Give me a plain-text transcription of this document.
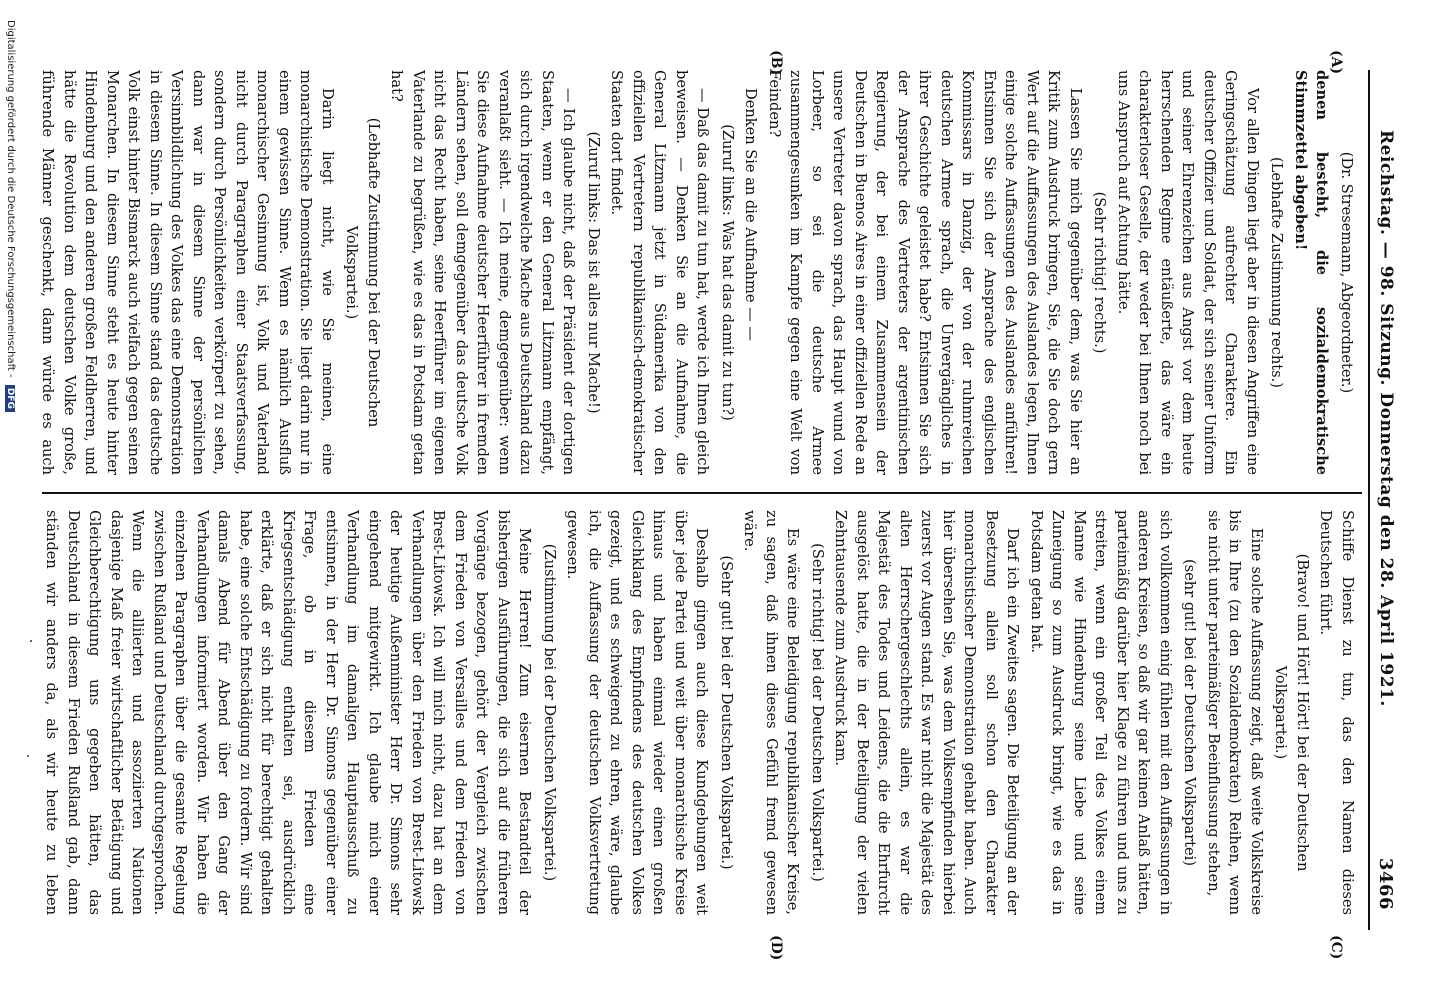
Reichstag. — 98. Sitzung. Donnerstag den 28. April 1921.
3466
(A)
(B)
(C)
(D)

(Dr. Stresemann, Abgeordneter.)

denen besteht, die sozialdemokratische Stimmzettel abgeben!

(Lebhafte Zustimmung rechts.)

Vor allen Dingen liegt aber in diesen Angriffen eine Geringschätzung aufrechter Charaktere. Ein deutscher Offizier und Soldat, der sich seiner Uniform und seiner Ehrenzeichen aus Angst vor dem heute herrschenden Regime entäußerte, das wäre ein charakterloser Geselle, der weder bei Ihnen noch bei uns Anspruch auf Achtung hätte.

(Sehr richtig! rechts.)

Lassen Sie mich gegenüber dem, was Sie hier an Kritik zum Ausdruck bringen, Sie, die Sie doch gern Wert auf die Auffassungen des Auslandes legen, Ihnen einige solche Auffassungen des Auslandes anführen! Entsinnen Sie sich der Ansprache des englischen Kommissars in Danzig, der von der ruhmreichen deutschen Armee sprach, die Unvergängliches in ihrer Geschichte geleistet habe? Entsinnen Sie sich der Ansprache des Vertreters der argentinischen Regierung, der bei einem Zusammensein der Deutschen in Buenos Aires in einer offiziellen Rede an unsere Vertreter davon sprach, das Haupt wund von Lorbeer, so sei die deutsche Armee zusammengesunken im Kampfe gegen eine Welt von Feinden?

Denken Sie an die Aufnahme — —

(Zuruf links: Was hat das damit zu tun?)

— Daß das damit zu tun hat, werde ich Ihnen gleich beweisen. — Denken Sie an die Aufnahme, die General Litzmann jetzt in Südamerika von den offiziellen Vertretern republikanisch-demokratischer Staaten dort findet.

(Zuruf links: Das ist alles nur Mache!)

— Ich glaube nicht, daß der Präsident der dortigen Staaten, wenn er den General Litzmann empfängt, sich durch irgendwelche Mache aus Deutschland dazu veranlaßt sieht. — Ich meine, demgegenüber: wenn Sie diese Aufnahme deutscher Heerführer in fremden Ländern sehen, soll demgegenüber das deutsche Volk nicht das Recht haben, seine Heerführer im eigenen Vaterlande zu begrüßen, wie es das in Potsdam getan hat?

(Lebhafte Zustimmung bei der Deutschen Volkspartei.)

Darin liegt nicht, wie Sie meinen, eine monarchistische Demonstration. Sie liegt darin nur in einem gewissen Sinne. Wenn es nämlich Ausfluß monarchischer Gesinnung ist, Volk und Vaterland nicht durch Paragraphen einer Staatsverfassung, sondern durch Persönlichkeiten verkörpert zu sehen, dann war in diesem Sinne der persönlichen Versinnbildlichung des Volkes das eine Demonstration in diesem Sinne. In diesem Sinne stand das deutsche Volk einst hinter Bismarck auch vielfach gegen seinen Monarchen. In diesem Sinne steht es heute hinter Hindenburg und den anderen großen Feldherren, und hätte die Revolution dem deutschen Volke große, führende Männer geschenkt, dann würde es auch

Schiffe Dienst zu tun, das den Namen dieses Deutschen führt.

(Bravo! und Hört! Hört! bei der Deutschen Volkspartei.)

Eine solche Auffassung zeigt, daß weite Volkskreise bis in Ihre (zu den Sozialdemokraten) Reihen, wenn sie nicht unter parteimäßiger Beeinflussung stehen,

(sehr gut! bei der Deutschen Volkspartei)

sich vollkommen einig fühlen mit den Auffassungen in anderen Kreisen, so daß wir gar keinen Anlaß hätten, parteimäßig darüber hier Klage zu führen und uns zu streiten, wenn ein großer Teil des Volkes einem Manne wie Hindenburg seine Liebe und seine Zuneigung so zum Ausdruck bringt, wie es das in Potsdam getan hat.

Darf ich ein Zweites sagen. Die Beteiligung an der Besetzung allein soll schon den Charakter monarchistischer Demonstration gehabt haben. Auch hier übersehen Sie, was dem Volksempfinden hierbei zuerst vor Augen stand. Es war nicht die Majestät des alten Herrschergeschlechts allein, es war die Majestät des Todes und Leidens, die die Ehrfurcht ausgelöst hatte, die in der Beteiligung der vielen Zehntausende zum Ausdruck kam.

(Sehr richtig! bei der Deutschen Volkspartei.)

Es wäre eine Beleidigung republikanischer Kreise, zu sagen, daß ihnen dieses Gefühl fremd gewesen wäre.

(Sehr gut! bei der Deutschen Volkspartei.)

Deshalb gingen auch diese Kundgebungen weit über jede Partei und weit über monarchische Kreise hinaus und haben einmal wieder einen großen Gleichklang des Empfindens des deutschen Volkes gezeigt, und es schweigend zu ehren, wäre, glaube ich, die Auffassung der deutschen Volksvertretung gewesen.

(Zustimmung bei der Deutschen Volkspartei.)

Meine Herren! Zum eisernen Bestandteil der bisherigen Ausführungen, die sich auf die früheren Vorgänge bezogen, gehört der Vergleich zwischen dem Frieden von Versailles und dem Frieden von Brest-Litowsk. Ich will mich nicht, dazu hat an dem Verhandlungen über den Frieden von Brest-Litowsk der heutige Außenminister Herr Dr. Simons sehr eingehend mitgewirkt. Ich glaube mich einer Verhandlung im damaligen Hauptausschuß zu entsinnen, in der Herr Dr. Simons gegenüber einer Frage, ob in diesem Frieden eine Kriegsentschädigung enthalten sei, ausdrücklich erklärte, daß er sich nicht für berechtigt gehalten habe, eine solche Entschädigung zu fordern. Wir sind damals Abend für Abend über den Gang der Verhandlungen informiert worden. Wir haben die einzelnen Paragraphen über die gesamte Regelung zwischen Rußland und Deutschland durchgesprochen. Wenn die alliierten und assoziierten Nationen dasjenige Maß freier wirtschaftlicher Betätigung und Gleichberechtigung uns gegeben hätten, das Deutschland in diesem Frieden Rußland gab, dann ständen wir anders da, als wir heute zu leben

Digitalisierung gefördert durch die Deutsche Forschungsgemeinschaft - DFG
